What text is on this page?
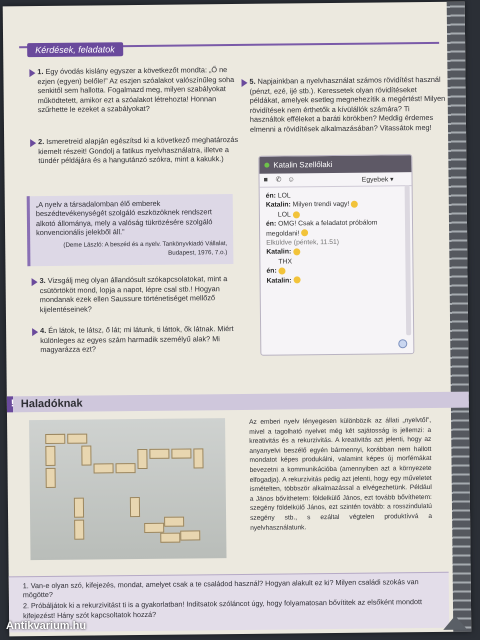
Kérdések, feladatok
1. Egy óvodás kislány egyszer a következőt mondta: „Ő ne ezjen (egyen) belőle!” Az eszjen szóalakot valószínűleg soha senkitől sem hallotta. Fogalmazd meg, milyen szabályokat működtetett, amikor ezt a szóalakot létrehozta! Honnan szűrhette le ezeket a szabályokat?
2. Ismeretreid alapján egészítsd ki a következő meghatározás kiemelt részeit! Gondolj a fatikus nyelvhasználatra, illetve a tündér példájára és a hangutánzó szókra, mint a kakukk.)
„A nyelv a társadalomban élő emberek beszédtevékenységét szolgáló eszközöknek rendszert alkotó állománya, mely a valóság tükrözésére szolgáló konvencionális jelekből áll.”
(Deme László: A beszéd és a nyelv. Tankönyvkiadó Vállalat, Budapest, 1976, 7.o.)
3. Vizsgálj meg olyan állandósult szókapcsolatokat, mint a csütörtököt mond, lopja a napot, lépre csal stb.! Hogyan mondanak ezek ellen Saussure történetiséget mellőző kijelentéseinek?
4. Én látok, te látsz, ő lát; mi látunk, ti láttok, ők látnak. Miért különleges az egyes szám harmadik személyű alak? Mi magyarázza ezt?
5. Napjainkban a nyelvhasználat számos rövidítést használ (pénzt, ezé, ijé stb.). Keressetek olyan rövidítéseket példákat, amelyek esetleg megnehezítik a megértést! Milyen rövidítések nem érthetők a kívülállók számára? Ti használtok efféleket a baráti körökben? Meddig érdemes elmenni a rövidítések alkalmazásában? Vitassátok meg!
Katalin Szellőlaki
■	✆ ☺	Egyebek ▾
én: LOL
Katalin: Milyen trendi vagy!
LOL
én: OMG! Csak a feladatot próbálom megoldani!
Elküldve (péntek, 11.51)
Katalin:
THX
én:
Katalin:
! Haladóknak
Az emberi nyelv lényegesen különbözik az állati „nyelvtől”, mivel a tagolható nyelvet még két sajátosság is jellemzi: a kreativitás és a rekurzivitás. A kreativitás azt jelenti, hogy az anyanyelvi beszélő egyén bármennyi, korábban nem hallott mondatot képes produkálni, valamint képes új morfémákat bevezetni a kommunikációba (amennyiben azt a környezete elfogadja). A rekurzivitás pedig azt jelenti, hogy egy műveletet ismételten, többször alkalmazással a elvégezhetünk. Például a János bővíthetem: földelkülő János, ezt tovább bővíthetem: szegény földelkülő János, ezt szintén tovább: a rosszindulatú szegény stb., s ezáltal végtelen produktívvá a nyelvhasználatunk.
1. Van-e olyan szó, kifejezés, mondat, amelyet csak a te családod használ? Hogyan alakult ez ki? Milyen családi szokás van mögötte?
2. Próbáljátok ki a rekurzivitást ti is a gyakorlatban! Inditsatok szóláncot úgy, hogy folyamatosan bővítitek az elsőként mondott kifejezést! Hány szót kapcsoltatok hozzá?
Antikvarium.hu
